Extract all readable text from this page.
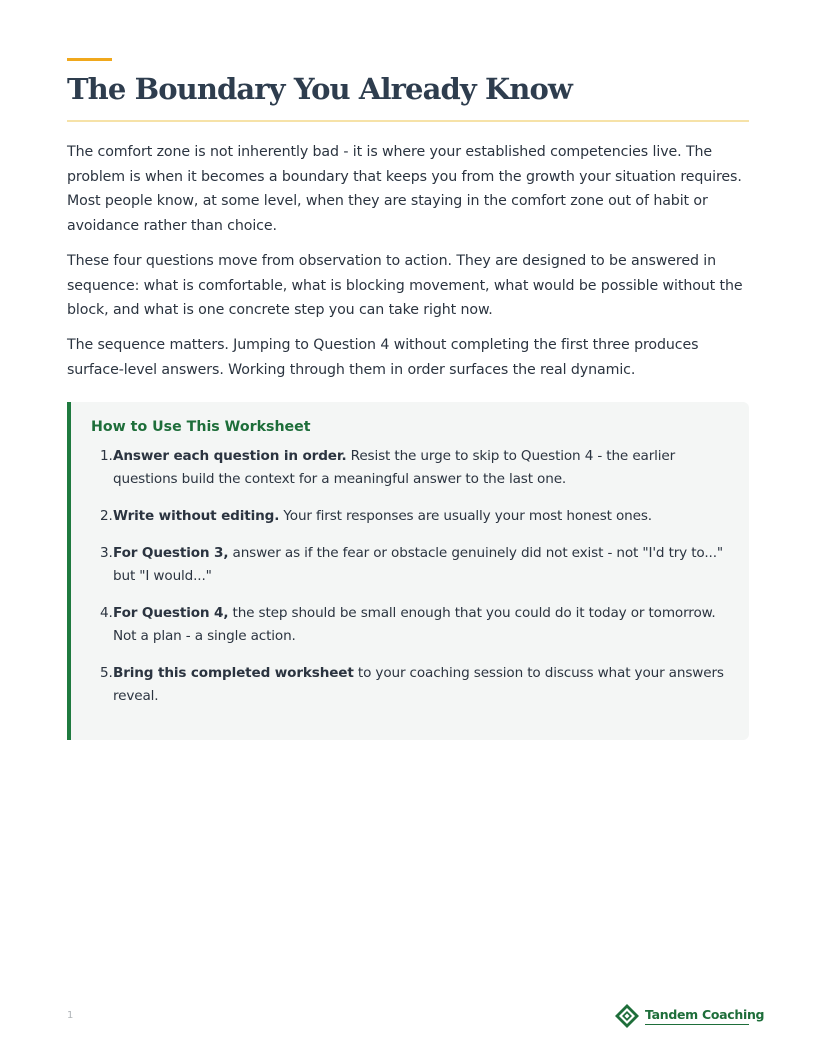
The Boundary You Already Know

The comfort zone is not inherently bad - it is where your established competencies live. The problem is when it becomes a boundary that keeps you from the growth your situation requires. Most people know, at some level, when they are staying in the comfort zone out of habit or avoidance rather than choice.

These four questions move from observation to action. They are designed to be answered in sequence: what is comfortable, what is blocking movement, what would be possible without the block, and what is one concrete step you can take right now.

The sequence matters. Jumping to Question 4 without completing the first three produces surface-level answers. Working through them in order surfaces the real dynamic.

How to Use This Worksheet
1. Answer each question in order. Resist the urge to skip to Question 4 - the earlier questions build the context for a meaningful answer to the last one.
2. Write without editing. Your first responses are usually your most honest ones.
3. For Question 3, answer as if the fear or obstacle genuinely did not exist - not "I'd try to..." but "I would..."
4. For Question 4, the step should be small enough that you could do it today or tomorrow. Not a plan - a single action.
5. Bring this completed worksheet to your coaching session to discuss what your answers reveal.
1	Tandem Coaching
